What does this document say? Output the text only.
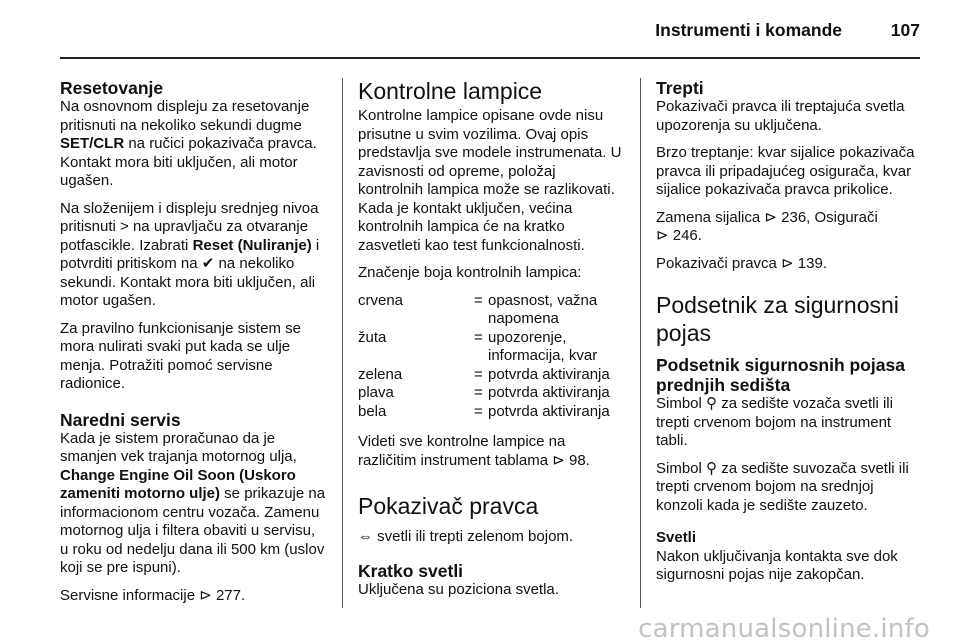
Instrumenti i komande	107
Resetovanje

Na osnovnom displeju za resetovanje pritisnuti na nekoliko sekundi dugme SET/CLR na ručici pokazivača pravca. Kontakt mora biti uključen, ali motor ugašen.

Na složenijem i displeju srednjeg nivoa pritisnuti > na upravljaču za otvaranje potfascikle. Izabrati Reset (Nuliranje) i potvrditi pritiskom na ✔ na nekoliko sekundi. Kontakt mora biti uključen, ali motor ugašen.

Za pravilno funkcionisanje sistem se mora nulirati svaki put kada se ulje menja. Potražiti pomoć servisne radionice.

Naredni servis

Kada je sistem proračunao da je smanjen vek trajanja motornog ulja, Change Engine Oil Soon (Uskoro zameniti motorno ulje) se prikazuje na informacionom centru vozača. Zamenu motornog ulja i filtera obaviti u servisu, u roku od nedelju dana ili 500 km (uslov koji se pre ispuni).

Servisne informacije ⊳ 277.

Kontrolne lampice

Kontrolne lampice opisane ovde nisu prisutne u svim vozilima. Ovaj opis predstavlja sve modele instrumenata. U zavisnosti od opreme, položaj kontrolnih lampica može se razlikovati. Kada je kontakt uključen, većina kontrolnih lampica će na kratko zasvetleti kao test funkcionalnosti.

Značenje boja kontrolnih lampica:

crvena	= opasnost, važna napomena
žuta	= upozorenje, informacija, kvar
zelena	= potvrda aktiviranja
plava	= potvrda aktiviranja
bela	= potvrda aktiviranja

Videti sve kontrolne lampice na različitim instrument tablama ⊳ 98.

Pokazivač pravca

⇔ svetli ili trepti zelenom bojom.

Kratko svetli

Uključena su poziciona svetla.

Trepti

Pokazivači pravca ili treptajuća svetla upozorenja su uključena.

Brzo treptanje: kvar sijalice pokazivača pravca ili pripadajućeg osigurača, kvar sijalice pokazivača pravca prikolice.

Zamena sijalica ⊳ 236, Osigurači
⊳ 246.

Pokazivači pravca ⊳ 139.

Podsetnik za sigurnosni pojas
Podsetnik sigurnosnih pojasa prednjih sedišta

Simbol ⚲ za sedište vozača svetli ili trepti crvenom bojom na instrument tabli.

Simbol ⚲ za sedište suvozača svetli ili trepti crvenom bojom na srednjoj konzoli kada je sedište zauzeto.

Svetli

Nakon uključivanja kontakta sve dok sigurnosni pojas nije zakopčan.

carmanualsonline.info
